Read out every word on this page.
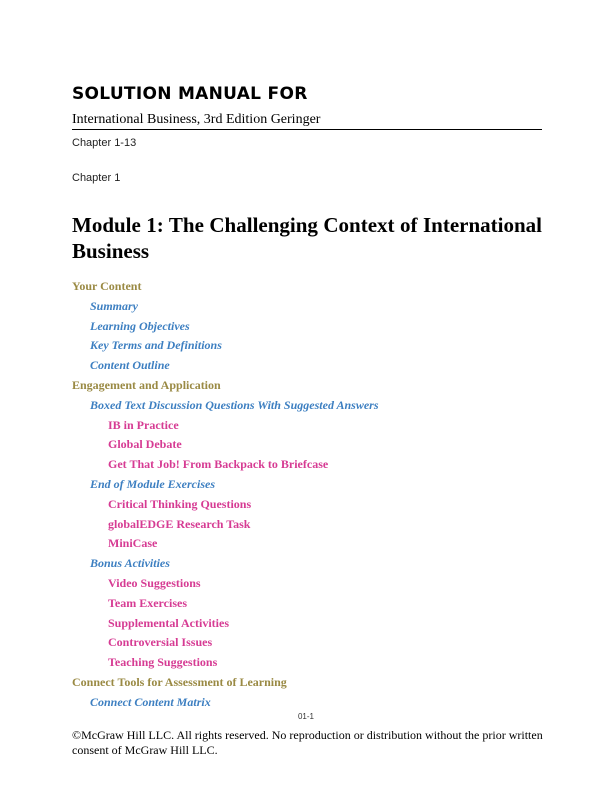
SOLUTION MANUAL FOR
International Business, 3rd Edition Geringer
Chapter 1-13
Chapter 1
Module 1: The Challenging Context of International Business
Your Content
Summary
Learning Objectives
Key Terms and Definitions
Content Outline
Engagement and Application
Boxed Text Discussion Questions With Suggested Answers
IB in Practice
Global Debate
Get That Job! From Backpack to Briefcase
End of Module Exercises
Critical Thinking Questions
globalEDGE Research Task
MiniCase
Bonus Activities
Video Suggestions
Team Exercises
Supplemental Activities
Controversial Issues
Teaching Suggestions
Connect Tools for Assessment of Learning
Connect Content Matrix
01-1
©McGraw Hill LLC. All rights reserved. No reproduction or distribution without the prior written consent of McGraw Hill LLC.
